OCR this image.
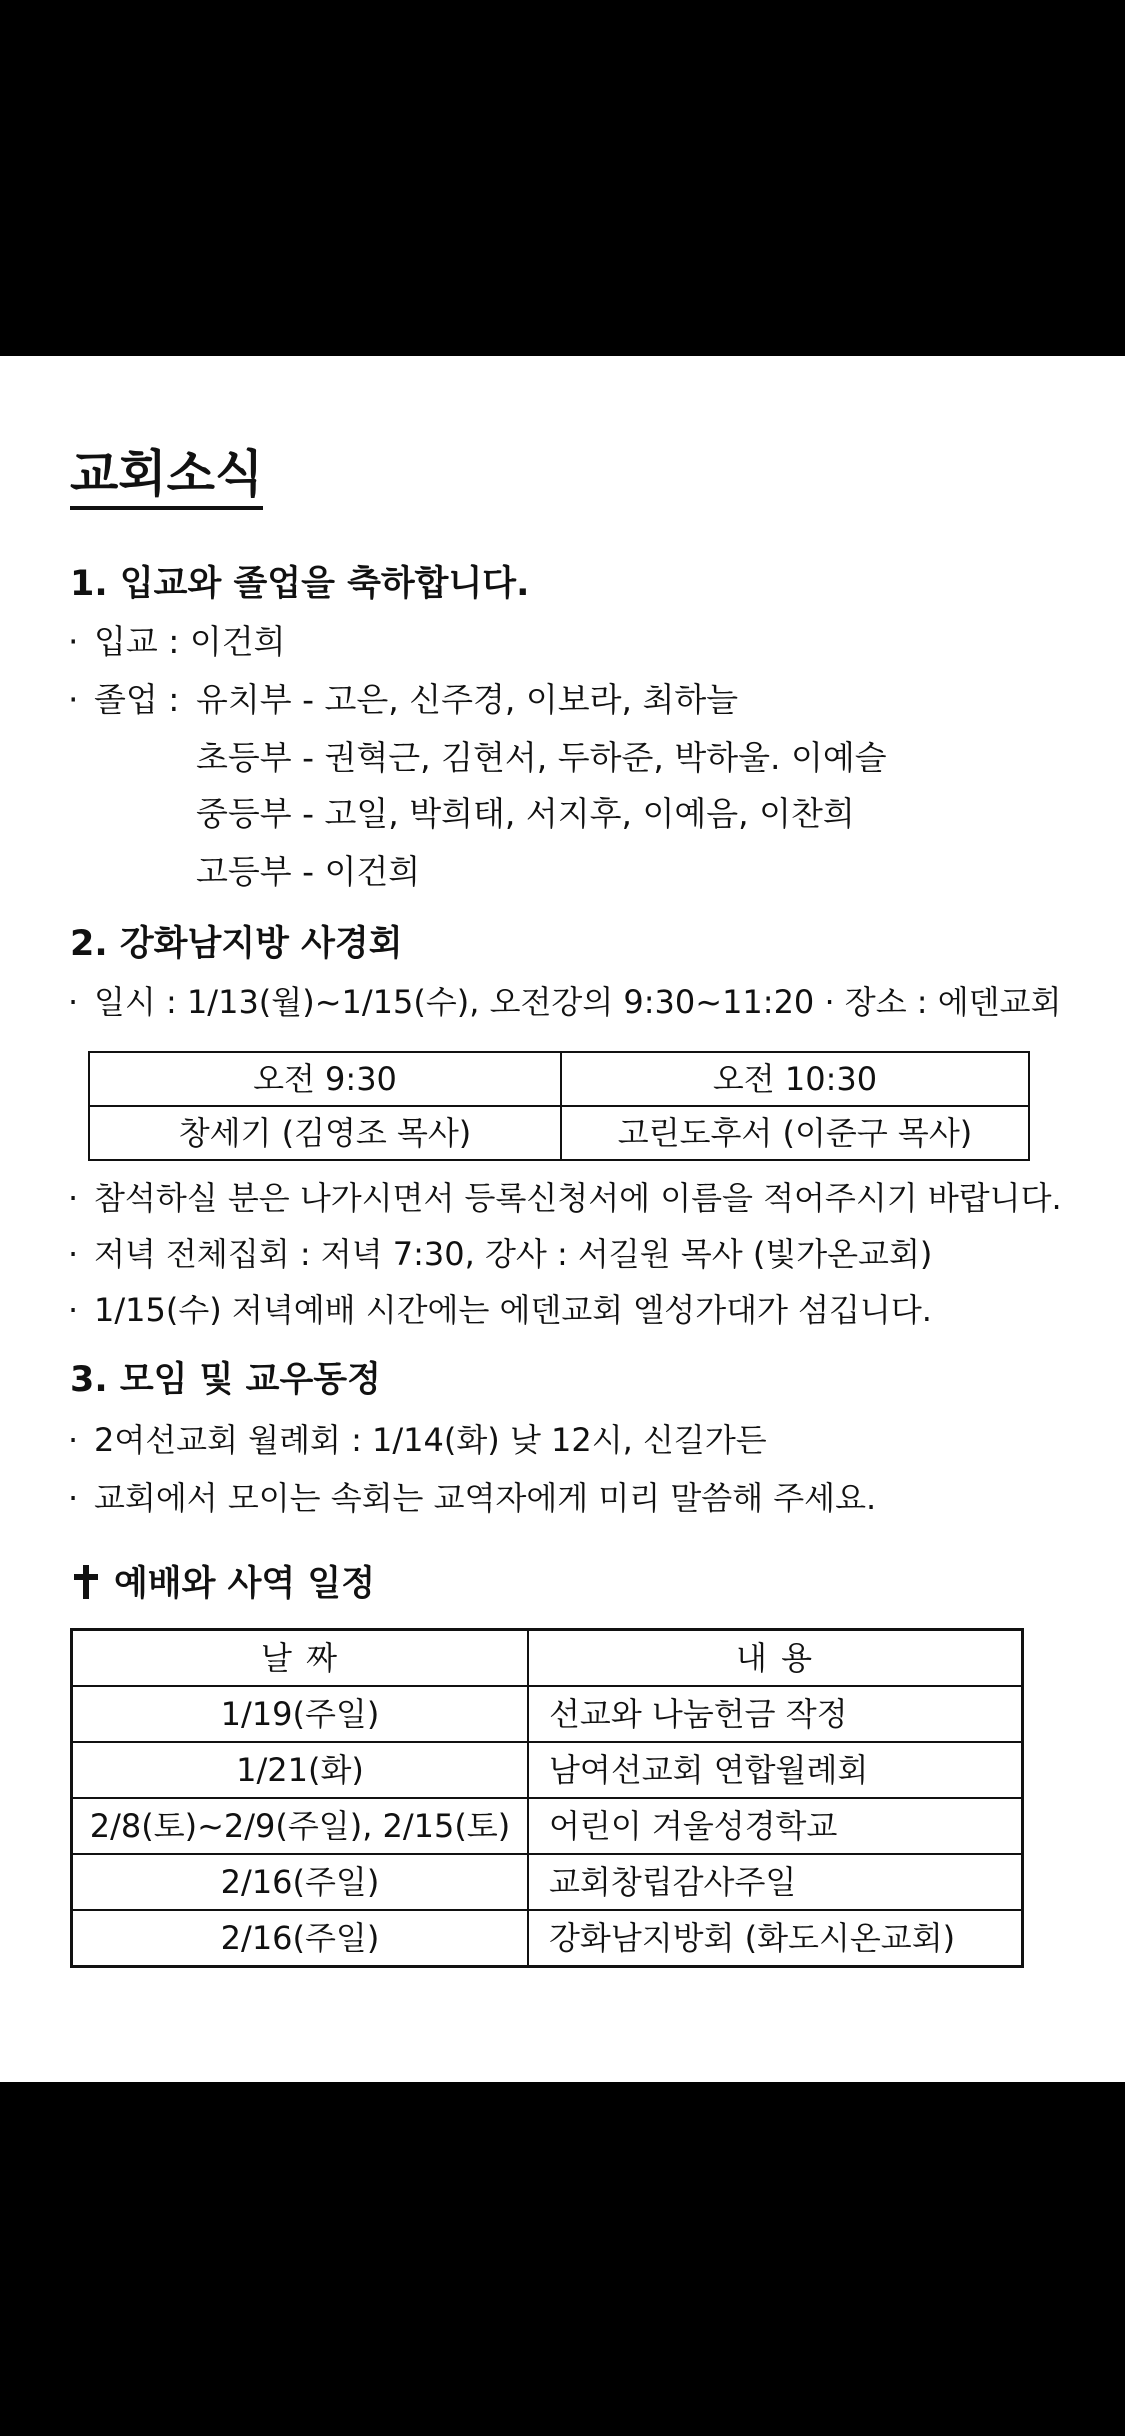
교회소식
1. 입교와 졸업을 축하합니다.
· 입교 : 이건희
· 졸업 : 유치부 - 고은, 신주경, 이보라, 최하늘
초등부 - 권혁근, 김현서, 두하준, 박하울. 이예슬
중등부 - 고일, 박희태, 서지후, 이예음, 이찬희
고등부 - 이건희
2. 강화남지방 사경회
· 일시 : 1/13(월)~1/15(수), 오전강의 9:30~11:20 · 장소 : 에덴교회
오전 9:30	오전 10:30
창세기 (김영조 목사)	고린도후서 (이준구 목사)
· 참석하실 분은 나가시면서 등록신청서에 이름을 적어주시기 바랍니다.
· 저녁 전체집회 : 저녁 7:30, 강사 : 서길원 목사 (빛가온교회)
· 1/15(수) 저녁예배 시간에는 에덴교회 엘성가대가 섬깁니다.
3. 모임 및 교우동정
· 2여선교회 월례회 : 1/14(화) 낮 12시, 신길가든
· 교회에서 모이는 속회는 교역자에게 미리 말씀해 주세요.
예배와 사역 일정
날 짜	내 용
1/19(주일)	선교와 나눔헌금 작정
1/21(화)	남여선교회 연합월례회
2/8(토)~2/9(주일), 2/15(토)	어린이 겨울성경학교
2/16(주일)	교회창립감사주일
2/16(주일)	강화남지방회 (화도시온교회)
